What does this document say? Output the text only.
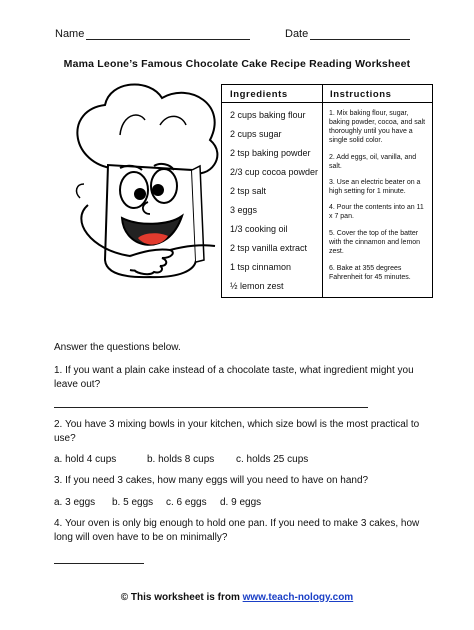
Name	Date
Mama Leone’s Famous Chocolate Cake Recipe Reading Worksheet
Ingredients	Instructions
2 cups baking flour
2 cups sugar
2 tsp baking powder
2/3 cup cocoa powder
2 tsp salt
3 eggs
1/3 cooking oil
2 tsp vanilla extract
1 tsp cinnamon
½ lemon zest
1. Mix baking flour, sugar, baking powder, cocoa, and salt thoroughly until you have a single solid color.
2. Add eggs, oil, vanilla, and salt.
3. Use an electric beater on a high setting for 1 minute.
4. Pour the contents into an 11 x 7 pan.
5. Cover the top of the batter with the cinnamon and lemon zest.
6. Bake at 355 degrees Fahrenheit for 45 minutes.
Answer the questions below.
1. If you want a plain cake instead of a chocolate taste, what ingredient might you leave out?
2. You have 3 mixing bowls in your kitchen, which size bowl is the most practical to use?
a. hold 4 cups	b. holds 8 cups c. holds 25 cups
3. If you need 3 cakes, how many eggs will you need to have on hand?
a. 3 eggs b. 5 eggs c. 6 eggs d. 9 eggs
4. Your oven is only big enough to hold one pan. If you need to make 3 cakes, how long will oven have to be on minimally?
© This worksheet is from www.teach-nology.com
